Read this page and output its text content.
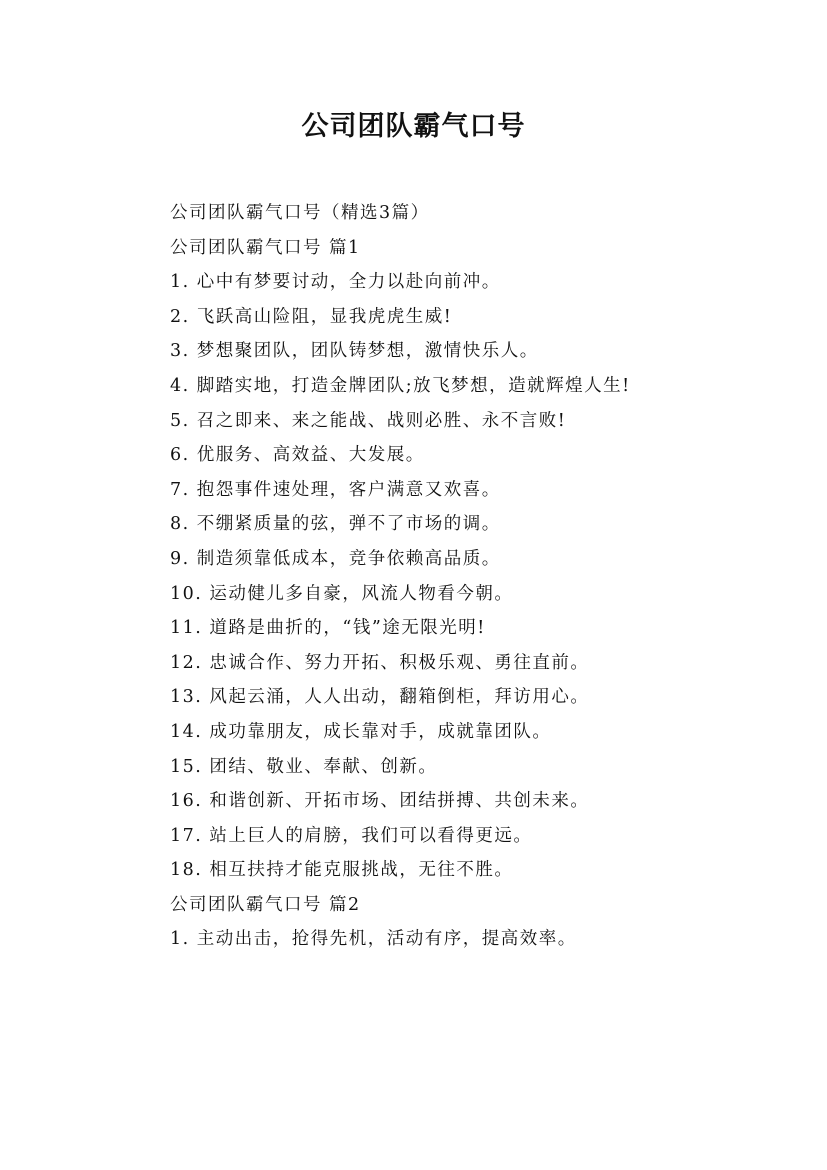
公司团队霸气口号
公司团队霸气口号（精选3篇）
公司团队霸气口号 篇1
1. 心中有梦要讨动，全力以赴向前冲。
2. 飞跃高山险阻，显我虎虎生威!
3. 梦想聚团队，团队铸梦想，激情快乐人。
4. 脚踏实地，打造金牌团队;放飞梦想，造就辉煌人生!
5. 召之即来、来之能战、战则必胜、永不言败!
6. 优服务、高效益、大发展。
7. 抱怨事件速处理，客户满意又欢喜。
8. 不绷紧质量的弦，弹不了市场的调。
9. 制造须靠低成本，竞争依赖高品质。
10. 运动健儿多自豪，风流人物看今朝。
11. 道路是曲折的，“钱”途无限光明!
12. 忠诚合作、努力开拓、积极乐观、勇往直前。
13. 风起云涌，人人出动，翻箱倒柜，拜访用心。
14. 成功靠朋友，成长靠对手，成就靠团队。
15. 团结、敬业、奉献、创新。
16. 和谐创新、开拓市场、团结拼搏、共创未来。
17. 站上巨人的肩膀，我们可以看得更远。
18. 相互扶持才能克服挑战，无往不胜。
公司团队霸气口号 篇2
1. 主动出击，抢得先机，活动有序，提高效率。
